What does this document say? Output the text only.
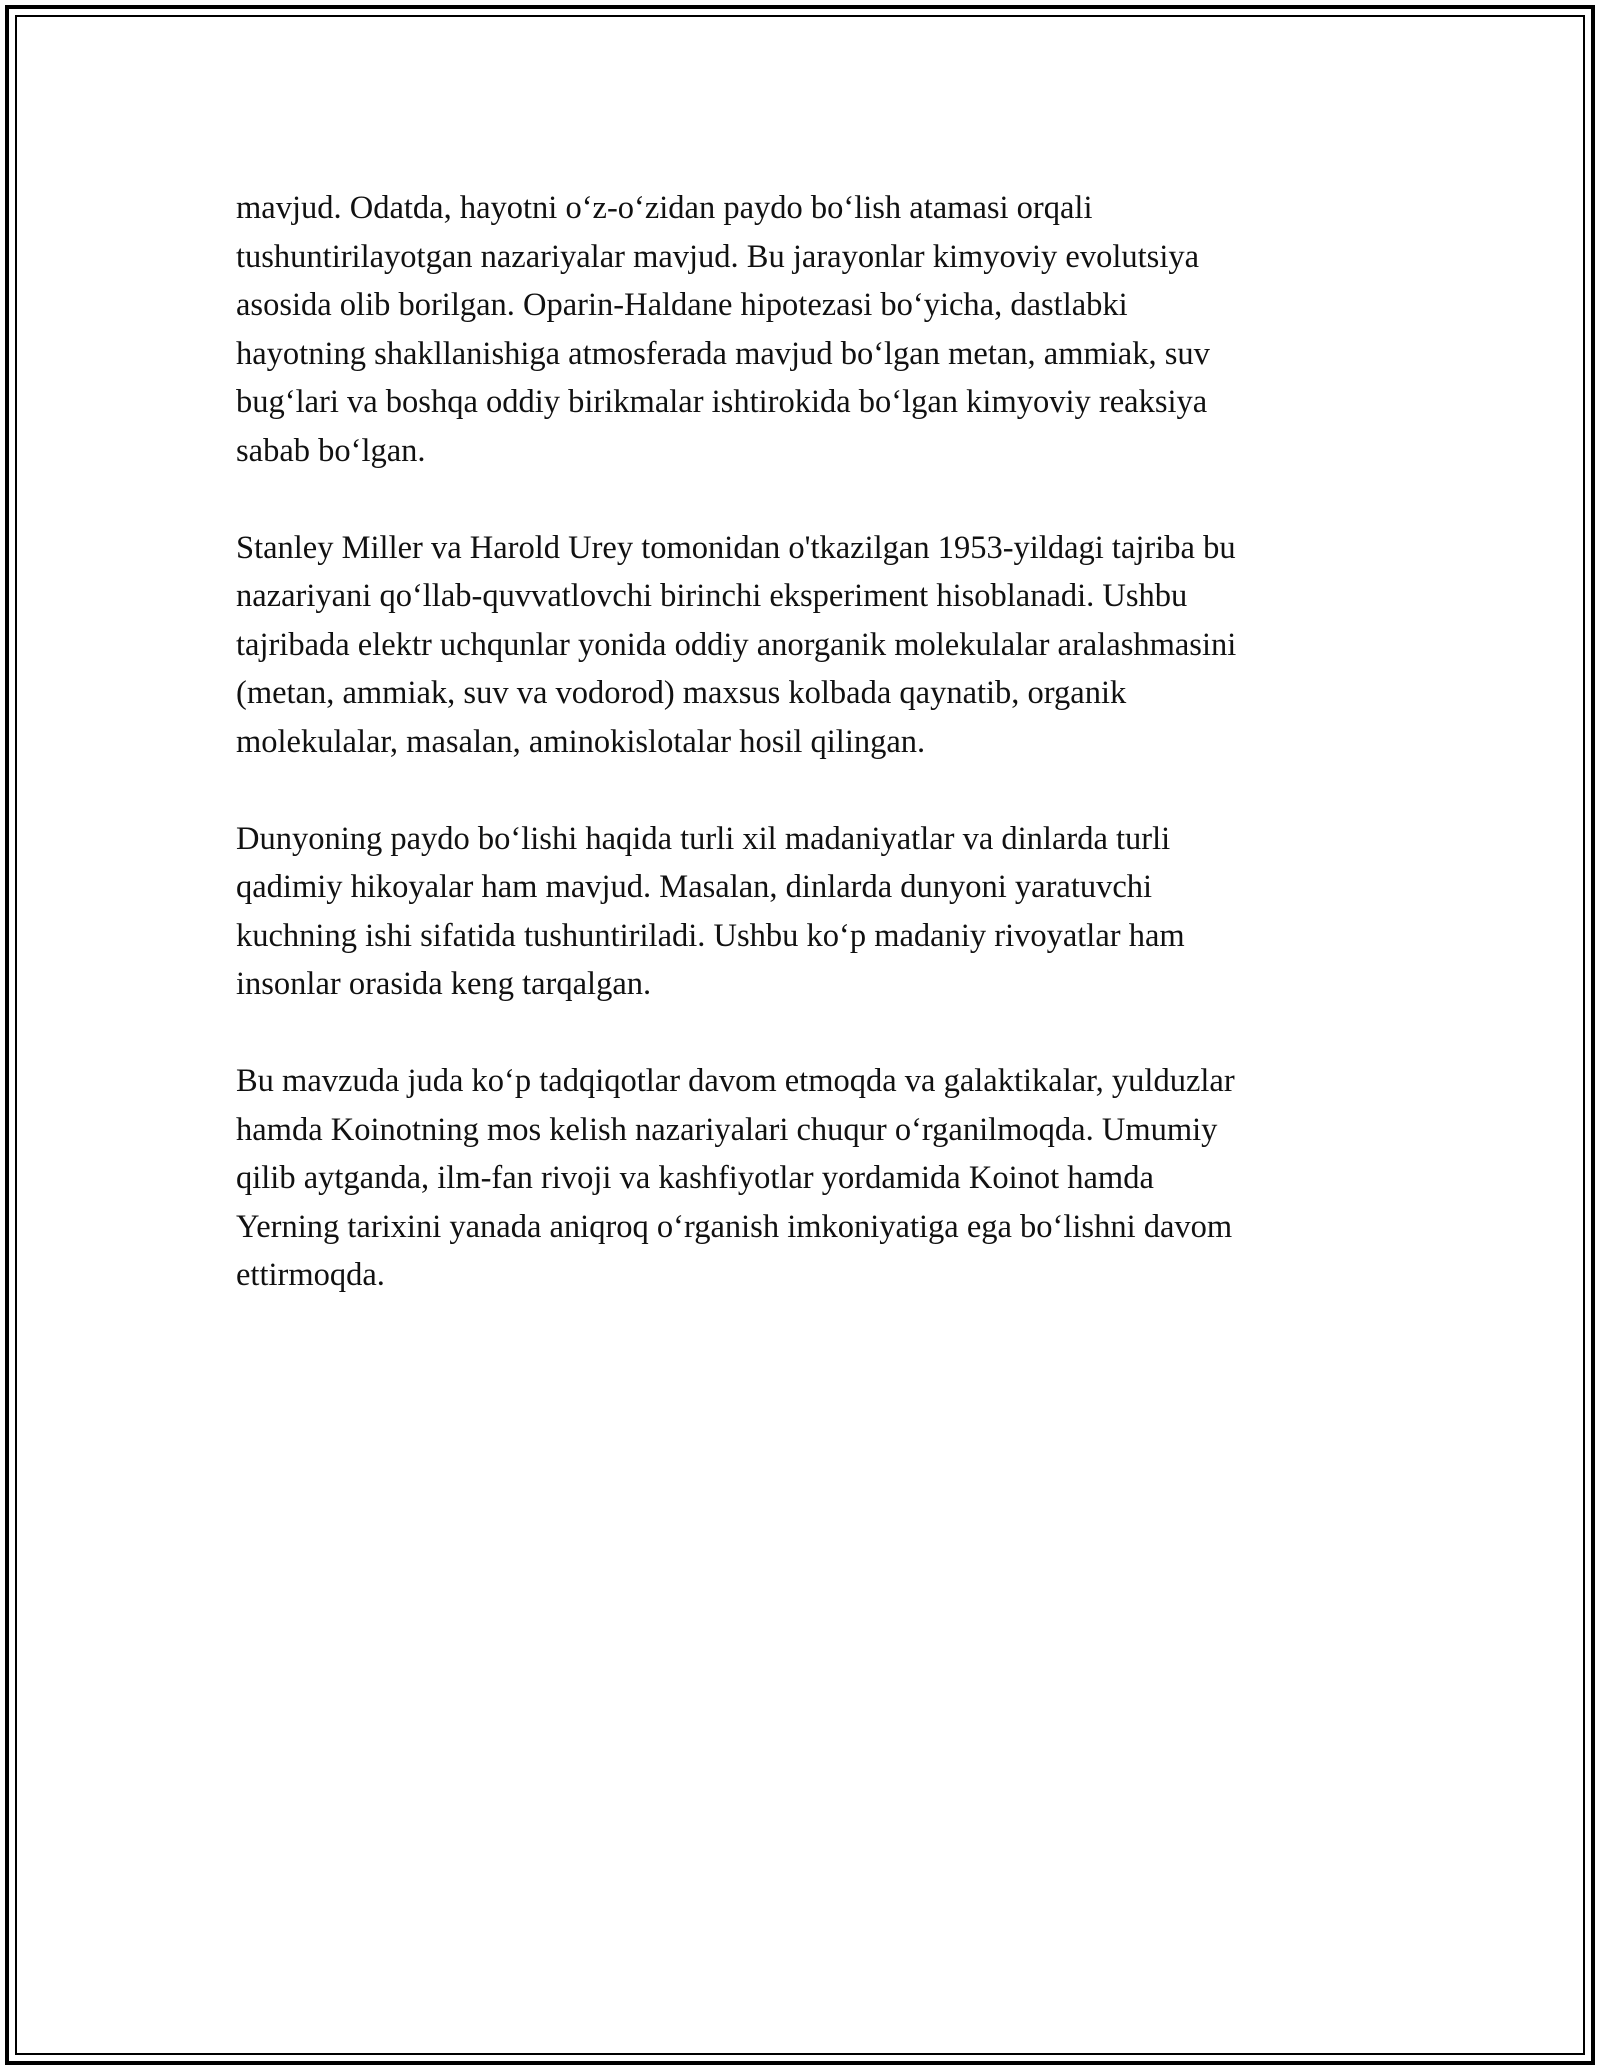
mavjud. Odatda, hayotni o‘z-o‘zidan paydo bo‘lish atamasi orqali
tushuntirilayotgan nazariyalar mavjud. Bu jarayonlar kimyoviy evolutsiya
asosida olib borilgan. Oparin-Haldane hipotezasi bo‘yicha, dastlabki
hayotning shakllanishiga atmosferada mavjud bo‘lgan metan, ammiak, suv
bug‘lari va boshqa oddiy birikmalar ishtirokida bo‘lgan kimyoviy reaksiya
sabab bo‘lgan.

Stanley Miller va Harold Urey tomonidan o'tkazilgan 1953-yildagi tajriba bu
nazariyani qo‘llab-quvvatlovchi birinchi eksperiment hisoblanadi. Ushbu
tajribada elektr uchqunlar yonida oddiy anorganik molekulalar aralashmasini
(metan, ammiak, suv va vodorod) maxsus kolbada qaynatib, organik
molekulalar, masalan, aminokislotalar hosil qilingan.

Dunyoning paydo bo‘lishi haqida turli xil madaniyatlar va dinlarda turli
qadimiy hikoyalar ham mavjud. Masalan, dinlarda dunyoni yaratuvchi
kuchning ishi sifatida tushuntiriladi. Ushbu ko‘p madaniy rivoyatlar ham
insonlar orasida keng tarqalgan.

Bu mavzuda juda ko‘p tadqiqotlar davom etmoqda va galaktikalar, yulduzlar
hamda Koinotning mos kelish nazariyalari chuqur o‘rganilmoqda. Umumiy
qilib aytganda, ilm-fan rivoji va kashfiyotlar yordamida Koinot hamda
Yerning tarixini yanada aniqroq o‘rganish imkoniyatiga ega bo‘lishni davom
ettirmoqda.
